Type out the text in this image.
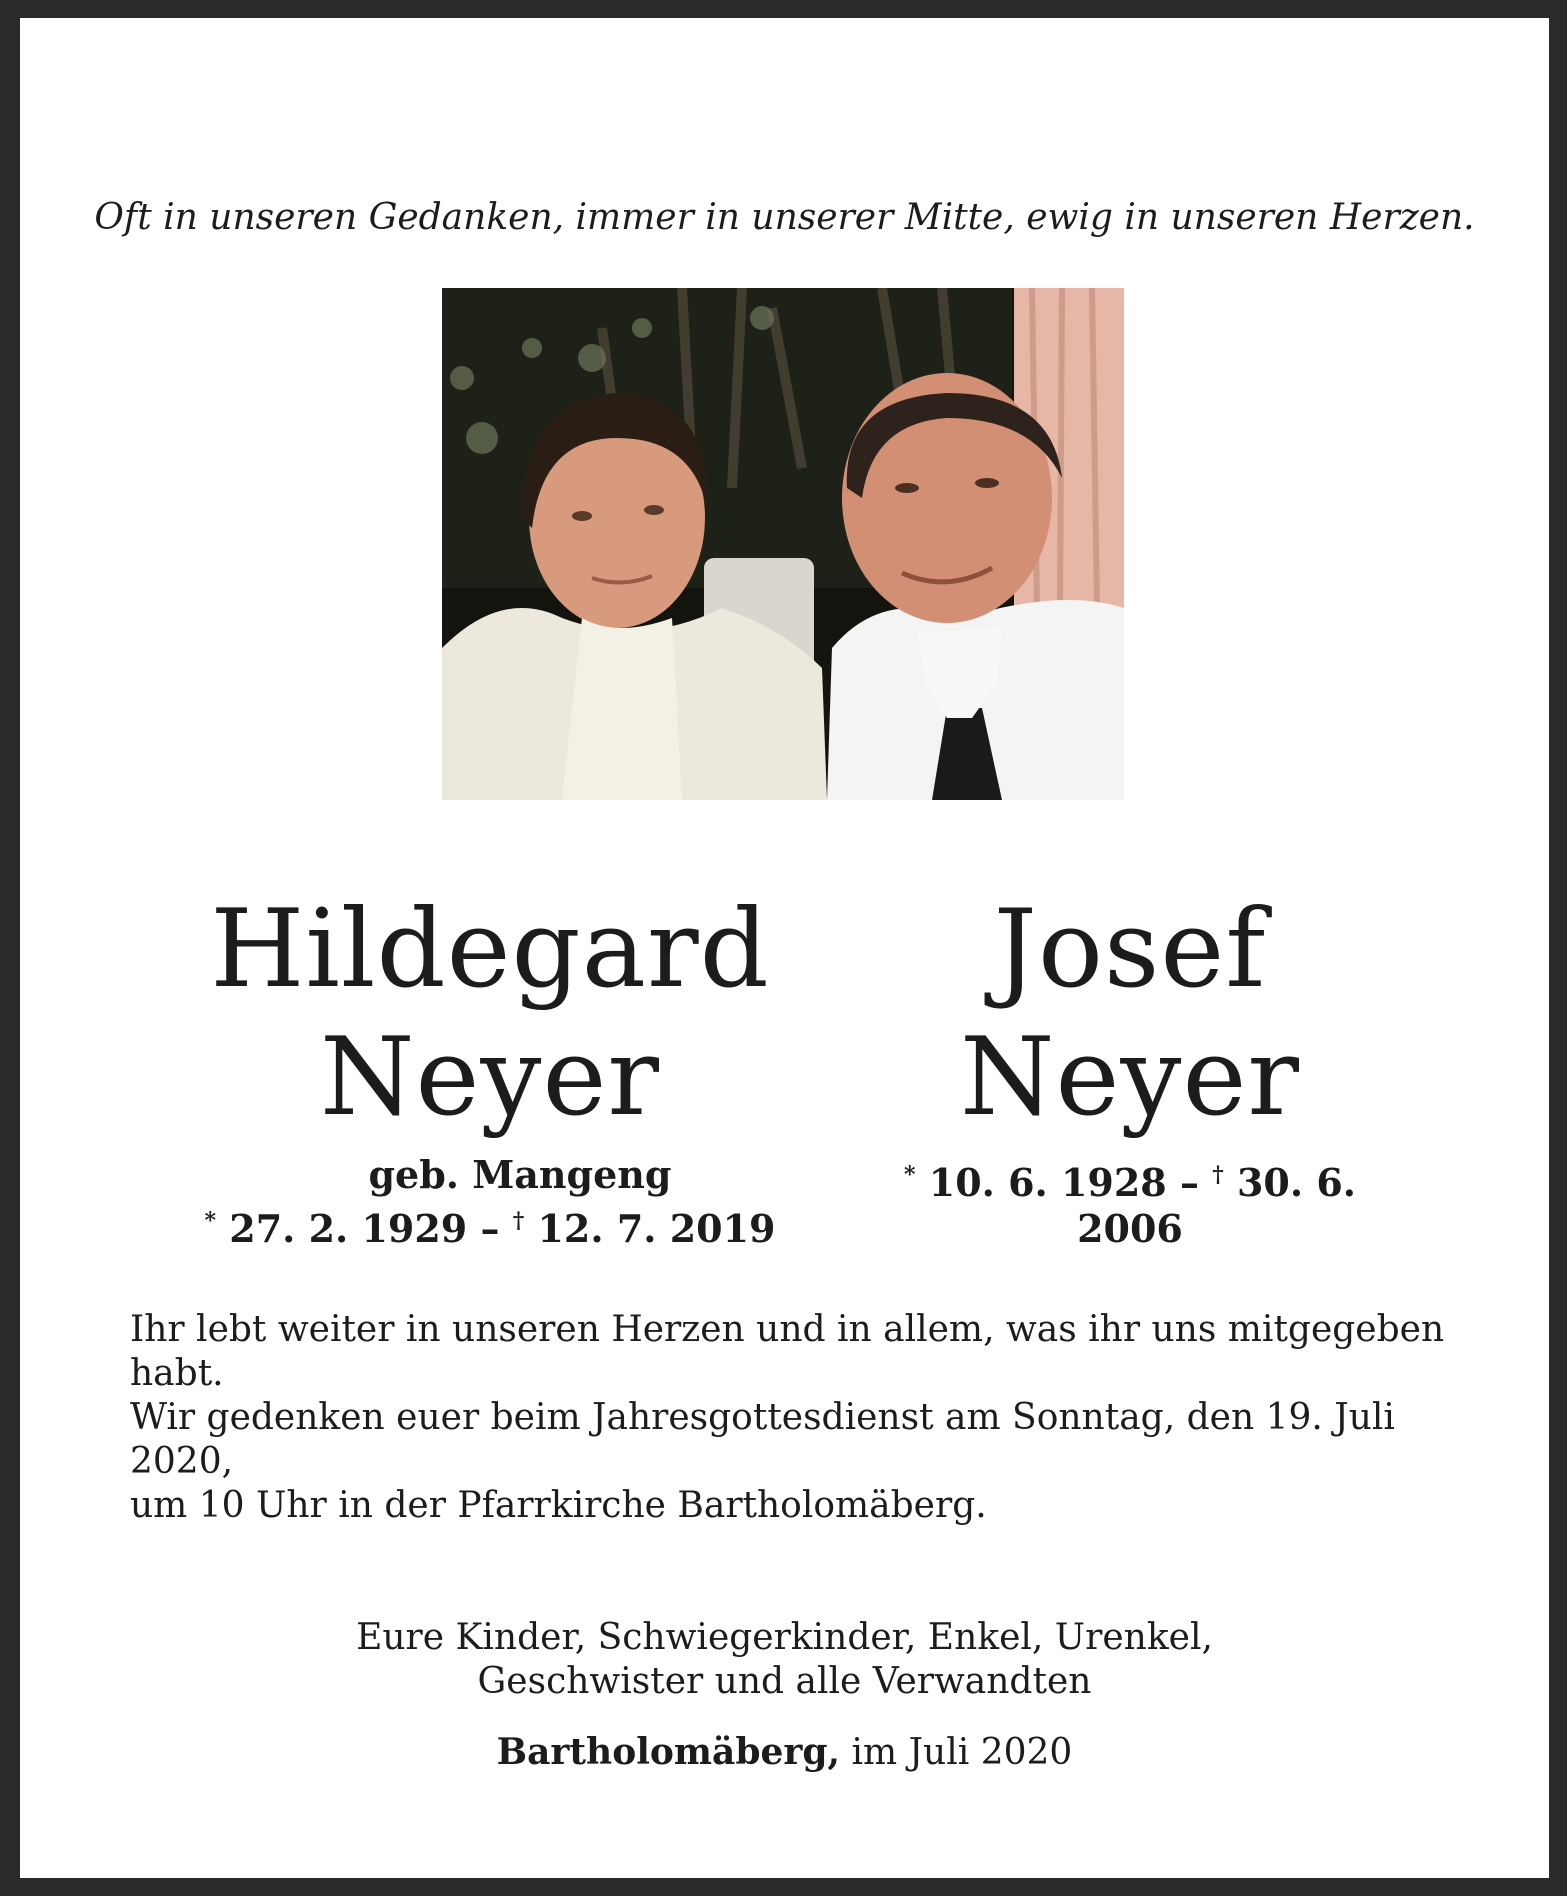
Oft in unseren Gedanken, immer in unserer Mitte, ewig in unseren Herzen.
Hildegard
Neyer
geb. Mangeng
* 27. 2. 1929 – † 12. 7. 2019
Josef
Neyer
* 10. 6. 1928 – † 30. 6. 2006
Ihr lebt weiter in unseren Herzen und in allem, was ihr uns mitgegeben habt.
Wir gedenken euer beim Jahresgottesdienst am Sonntag, den 19. Juli 2020,
um 10 Uhr in der Pfarrkirche Bartholomäberg.
Eure Kinder, Schwiegerkinder, Enkel, Urenkel,
Geschwister und alle Verwandten
Bartholomäberg, im Juli 2020
